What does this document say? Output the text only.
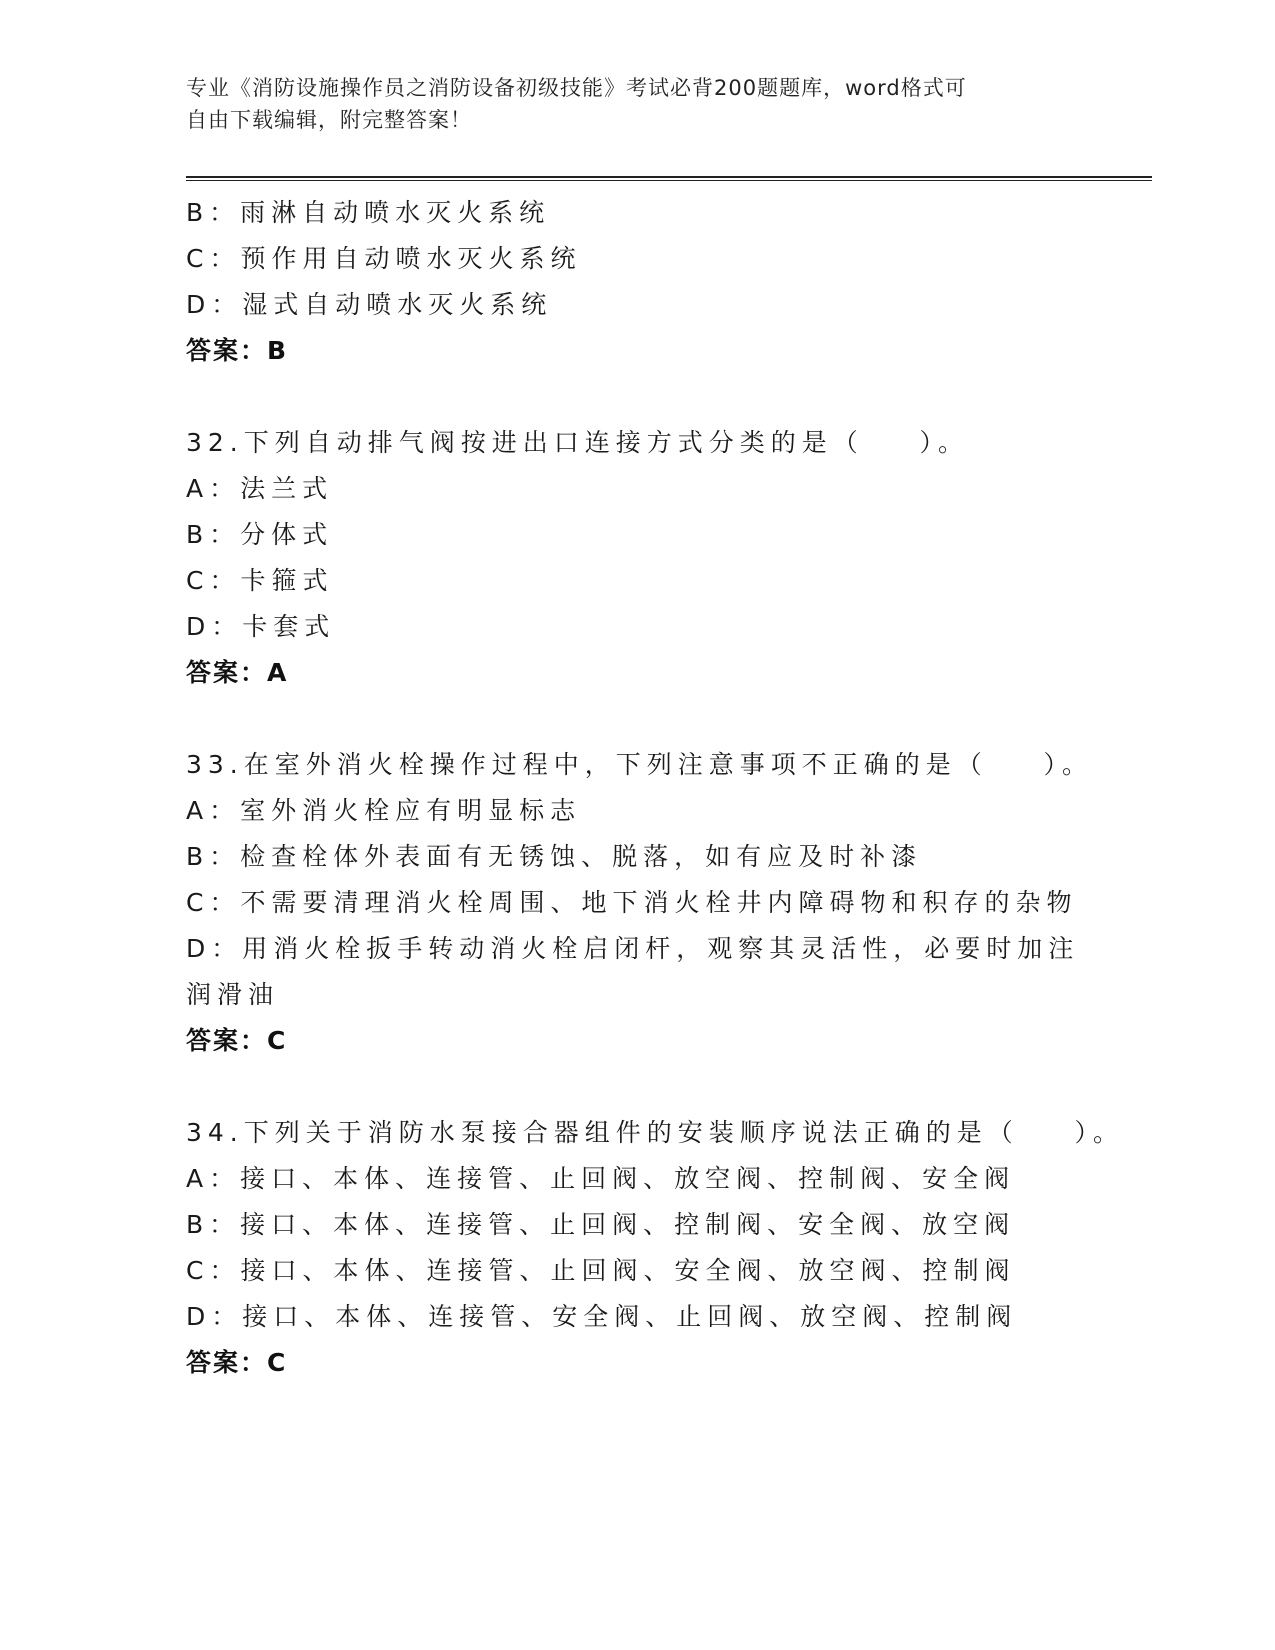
专业《消防设施操作员之消防设备初级技能》考试必背200题题库，word格式可
自由下载编辑，附完整答案！
B：雨淋自动喷水灭火系统
C：预作用自动喷水灭火系统
D：湿式自动喷水灭火系统
答案：B
32.下列自动排气阀按进出口连接方式分类的是（    ）。
A：法兰式
B：分体式
C：卡箍式
D：卡套式
答案：A
33.在室外消火栓操作过程中，下列注意事项不正确的是（    ）。
A：室外消火栓应有明显标志
B：检查栓体外表面有无锈蚀、脱落，如有应及时补漆
C：不需要清理消火栓周围、地下消火栓井内障碍物和积存的杂物
D：用消火栓扳手转动消火栓启闭杆，观察其灵活性，必要时加注润滑油
答案：C
34.下列关于消防水泵接合器组件的安装顺序说法正确的是（    ）。
A：接口、本体、连接管、止回阀、放空阀、控制阀、安全阀
B：接口、本体、连接管、止回阀、控制阀、安全阀、放空阀
C：接口、本体、连接管、止回阀、安全阀、放空阀、控制阀
D：接口、本体、连接管、安全阀、止回阀、放空阀、控制阀
答案：C
